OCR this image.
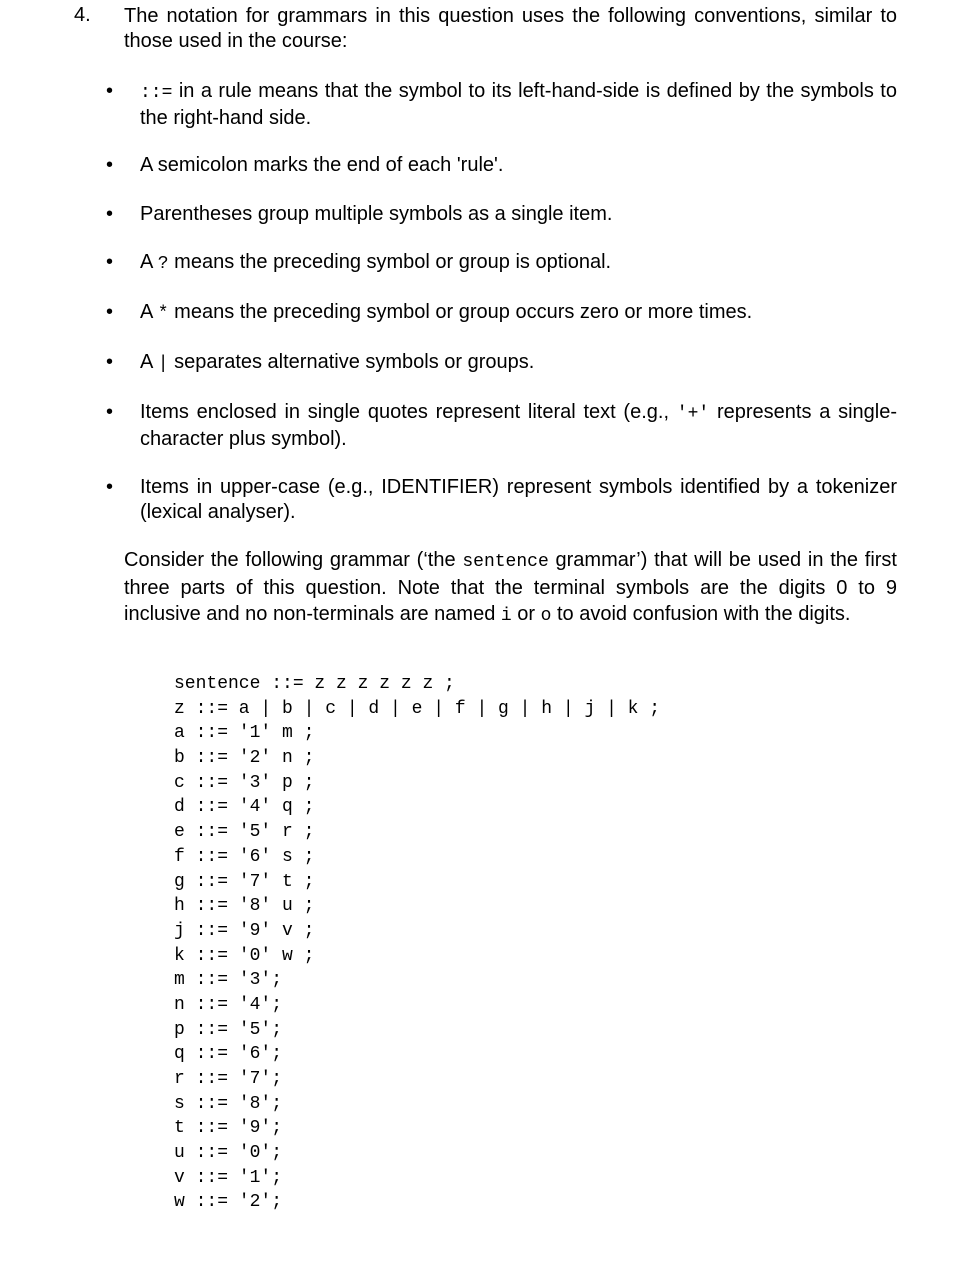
4. The notation for grammars in this question uses the following conventions, similar to those used in the course:
• ::= in a rule means that the symbol to its left-hand-side is defined by the symbols to the right-hand side.
• A semicolon marks the end of each 'rule'.
• Parentheses group multiple symbols as a single item.
• A ? means the preceding symbol or group is optional.
• A * means the preceding symbol or group occurs zero or more times.
• A | separates alternative symbols or groups.
• Items enclosed in single quotes represent literal text (e.g., '+' represents a single-character plus symbol).
• Items in upper-case (e.g., IDENTIFIER) represent symbols identified by a tokenizer (lexical analyser).
Consider the following grammar (‘the sentence grammar’) that will be used in the first three parts of this question. Note that the terminal symbols are the digits 0 to 9 inclusive and no non-terminals are named i or o to avoid confusion with the digits.
sentence ::= z z z z z z ;
z ::= a | b | c | d | e | f | g | h | j | k ;
a ::= '1' m ;
b ::= '2' n ;
c ::= '3' p ;
d ::= '4' q ;
e ::= '5' r ;
f ::= '6' s ;
g ::= '7' t ;
h ::= '8' u ;
j ::= '9' v ;
k ::= '0' w ;
m ::= '3';
n ::= '4';
p ::= '5';
q ::= '6';
r ::= '7';
s ::= '8';
t ::= '9';
u ::= '0';
v ::= '1';
w ::= '2';
